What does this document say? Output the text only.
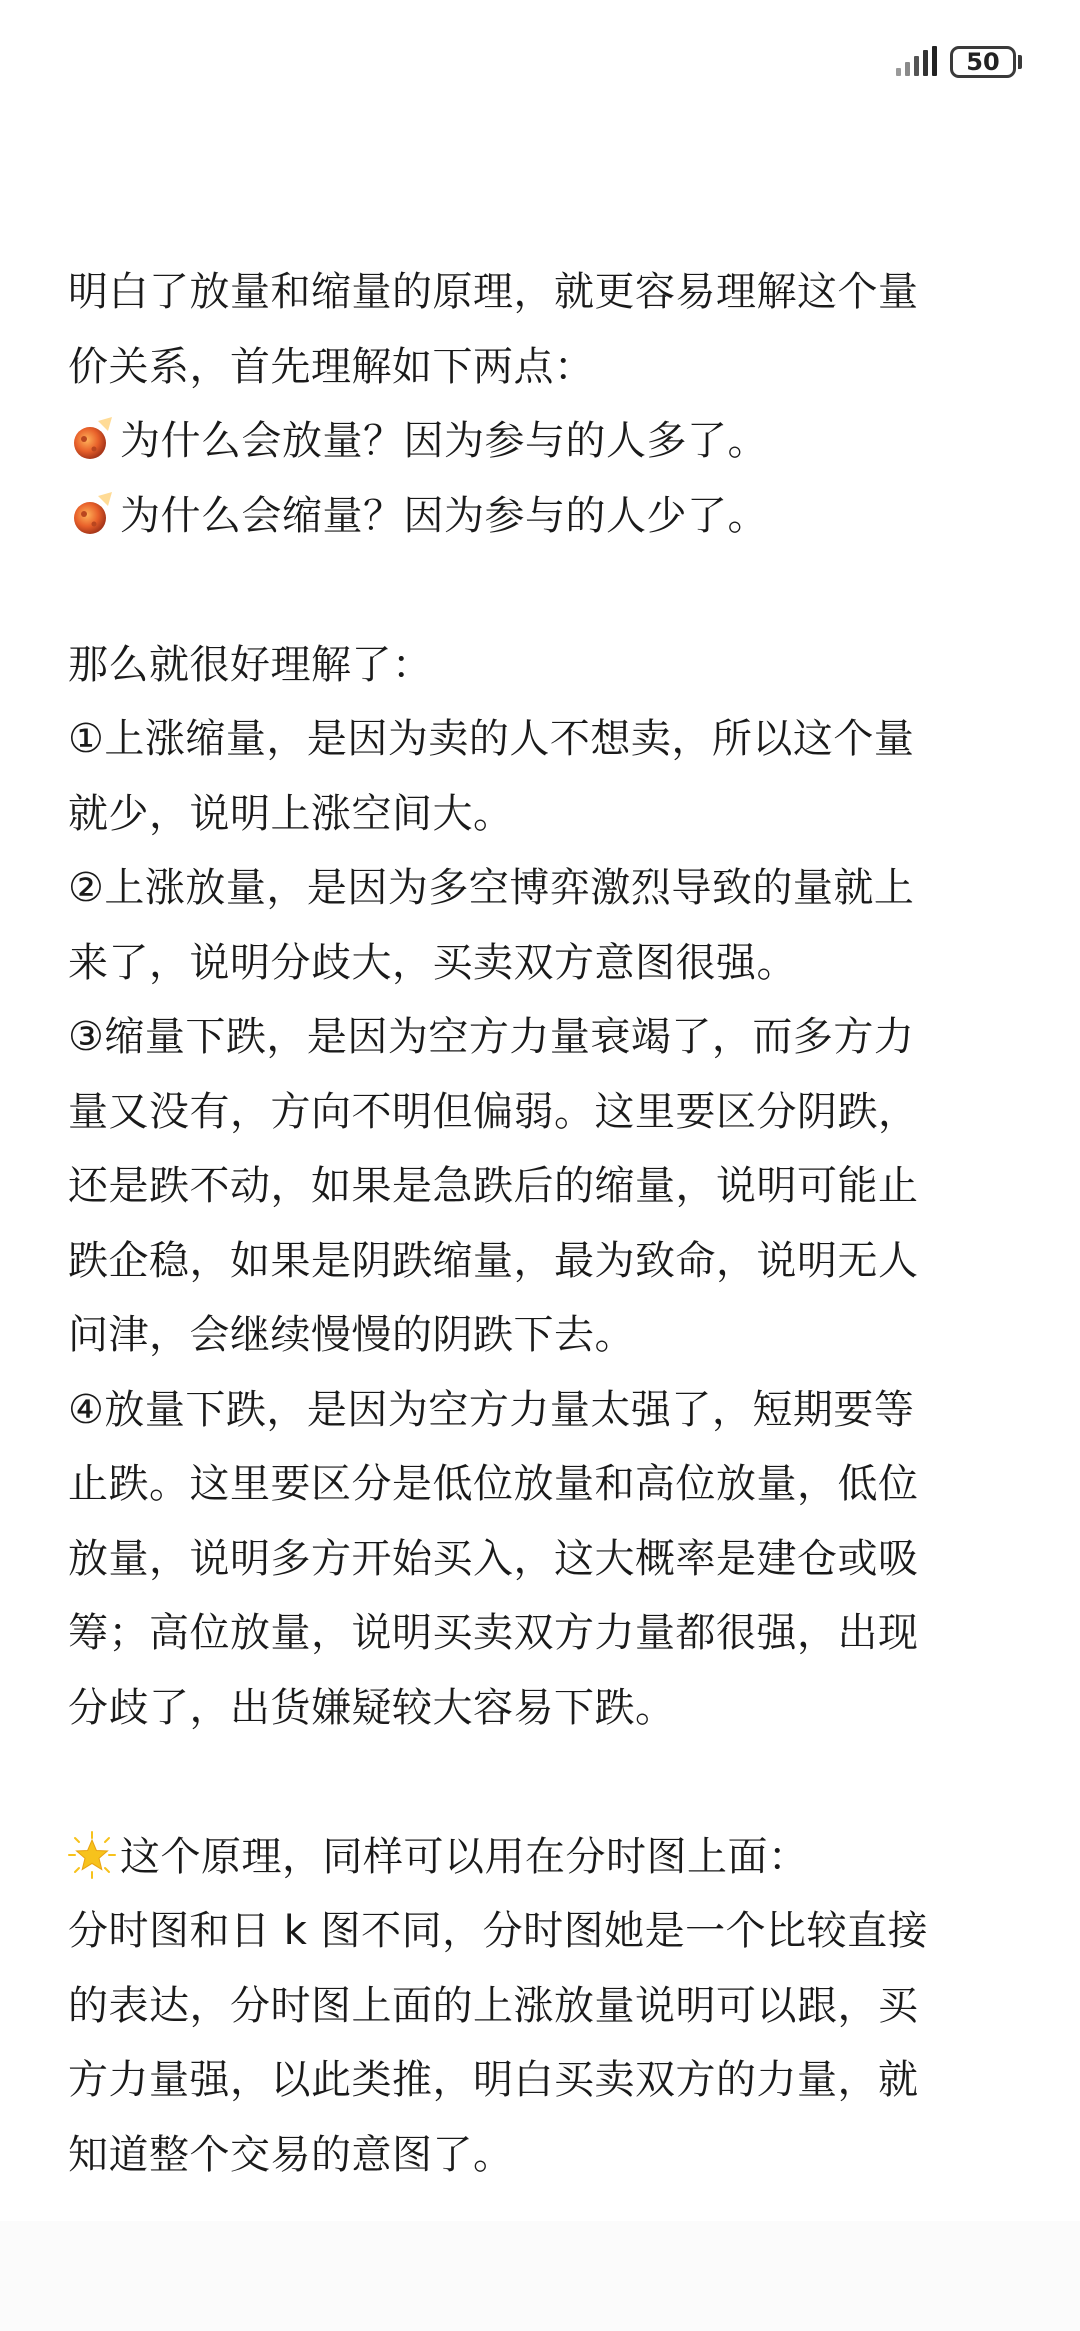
50
明白了放量和缩量的原理，就更容易理解这个量
价关系，首先理解如下两点：
为什么会放量？因为参与的人多了。
为什么会缩量？因为参与的人少了。
那么就很好理解了：
①上涨缩量，是因为卖的人不想卖，所以这个量
就少，说明上涨空间大。
②上涨放量，是因为多空博弈激烈导致的量就上
来了，说明分歧大，买卖双方意图很强。
③缩量下跌，是因为空方力量衰竭了，而多方力
量又没有，方向不明但偏弱。这里要区分阴跌，
还是跌不动，如果是急跌后的缩量，说明可能止
跌企稳，如果是阴跌缩量，最为致命，说明无人
问津，会继续慢慢的阴跌下去。
④放量下跌，是因为空方力量太强了，短期要等
止跌。这里要区分是低位放量和高位放量，低位
放量，说明多方开始买入，这大概率是建仓或吸
筹；高位放量，说明买卖双方力量都很强，出现
分歧了，出货嫌疑较大容易下跌。
这个原理，同样可以用在分时图上面：
分时图和日 k 图不同，分时图她是一个比较直接
的表达，分时图上面的上涨放量说明可以跟，买
方力量强，以此类推，明白买卖双方的力量，就
知道整个交易的意图了。
